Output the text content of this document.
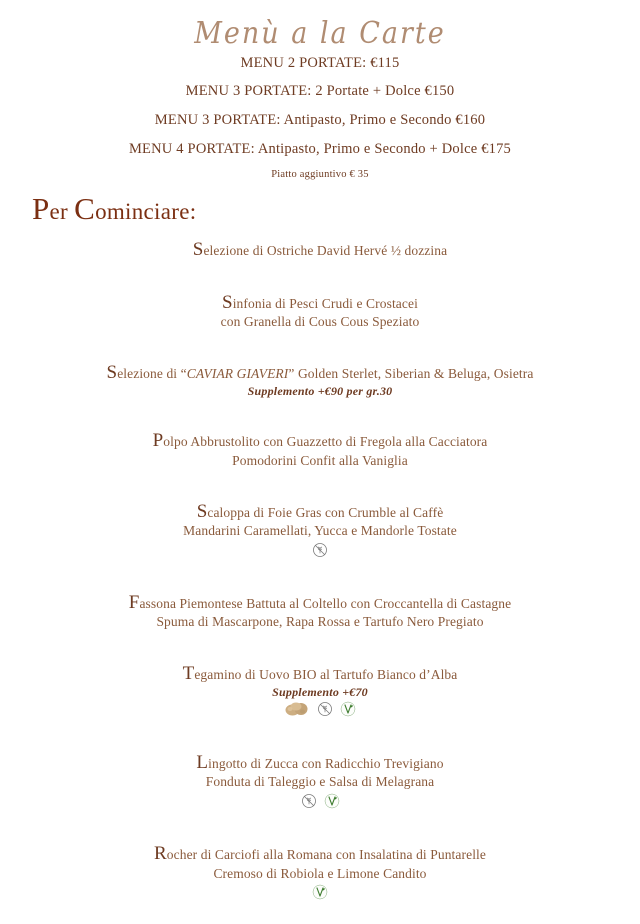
Menù a la Carte
MENU 2 PORTATE: €115
MENU 3 PORTATE: 2 Portate + Dolce €150
MENU 3 PORTATE: Antipasto, Primo e Secondo €160
MENU 4 PORTATE: Antipasto, Primo e Secondo + Dolce €175
Piatto aggiuntivo € 35
Per Cominciare:
Selezione di Ostriche David Hervé ½ dozzina
Sinfonia di Pesci Crudi e Crostacei
con Granella di Cous Cous Speziato
Selezione di “CAVIAR GIAVERI” Golden Sterlet, Siberian & Beluga, Osietra
Supplemento +€90 per gr.30
Polpo Abbrustolito con Guazzetto di Fregola alla Cacciatora
Pomodorini Confit alla Vaniglia
Scaloppa di Foie Gras con Crumble al Caffè
Mandarini Caramellati, Yucca e Mandorle Tostate
Fassona Piemontese Battuta al Coltello con Croccantella di Castagne
Spuma di Mascarpone, Rapa Rossa e Tartufo Nero Pregiato
Tegamino di Uovo BIO al Tartufo Bianco d’Alba
Supplemento +€70
Lingotto di Zucca con Radicchio Trevigiano
Fonduta di Taleggio e Salsa di Melagrana
Rocher di Carciofi alla Romana con Insalatina di Puntarelle
Cremoso di Robiola e Limone Candito
